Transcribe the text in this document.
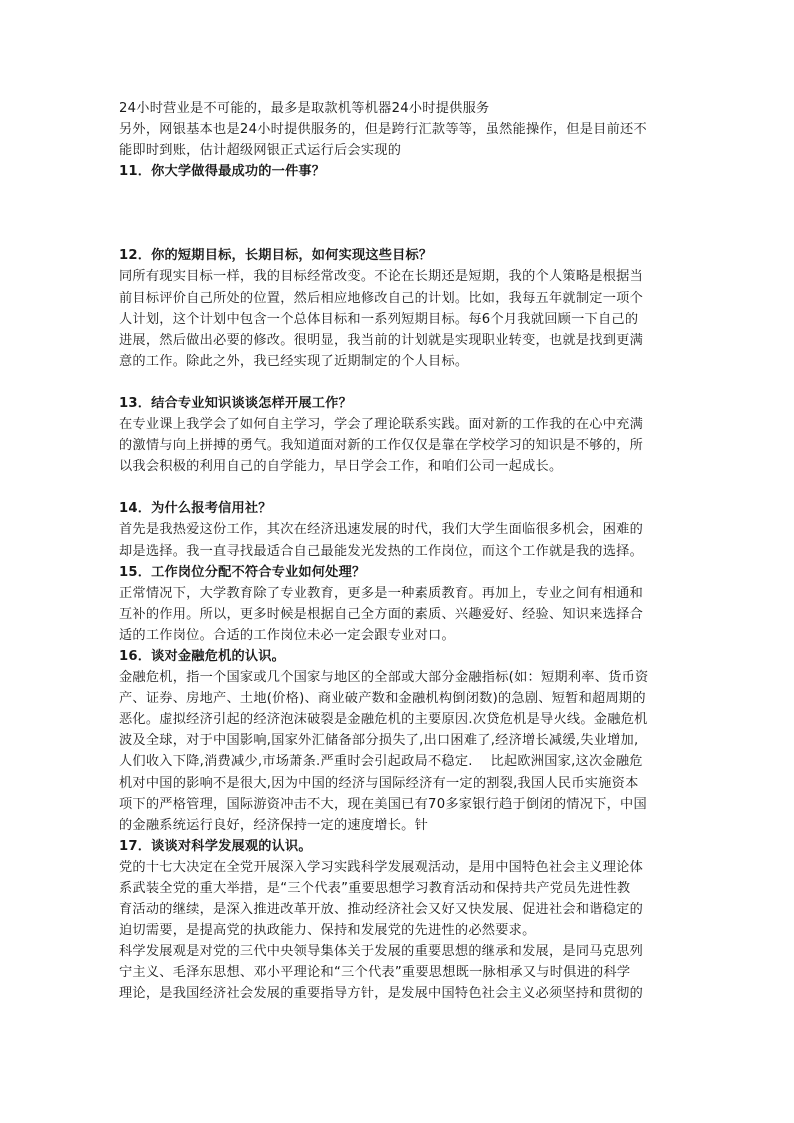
24小时营业是不可能的，最多是取款机等机器24小时提供服务
另外，网银基本也是24小时提供服务的，但是跨行汇款等等，虽然能操作，但是目前还不
能即时到账，估计超级网银正式运行后会实现的
11．你大学做得最成功的一件事？
12．你的短期目标，长期目标，如何实现这些目标？
同所有现实目标一样，我的目标经常改变。不论在长期还是短期，我的个人策略是根据当
前目标评价自己所处的位置，然后相应地修改自己的计划。比如，我每五年就制定一项个
人计划，这个计划中包含一个总体目标和一系列短期目标。每6个月我就回顾一下自己的
进展，然后做出必要的修改。很明显，我当前的计划就是实现职业转变，也就是找到更满
意的工作。除此之外，我已经实现了近期制定的个人目标。
13．结合专业知识谈谈怎样开展工作？
在专业课上我学会了如何自主学习，学会了理论联系实践。面对新的工作我的在心中充满
的激情与向上拼搏的勇气。我知道面对新的工作仅仅是靠在学校学习的知识是不够的，所
以我会积极的利用自己的自学能力，早日学会工作，和咱们公司一起成长。
14．为什么报考信用社？
首先是我热爱这份工作，其次在经济迅速发展的时代，我们大学生面临很多机会，困难的
却是选择。我一直寻找最适合自己最能发光发热的工作岗位，而这个工作就是我的选择。
15．工作岗位分配不符合专业如何处理？
正常情况下，大学教育除了专业教育，更多是一种素质教育。再加上，专业之间有相通和
互补的作用。所以，更多时候是根据自己全方面的素质、兴趣爱好、经验、知识来选择合
适的工作岗位。合适的工作岗位未必一定会跟专业对口。
16．谈对金融危机的认识。
金融危机，指一个国家或几个国家与地区的全部或大部分金融指标(如：短期利率、货币资
产、证券、房地产、土地(价格)、商业破产数和金融机构倒闭数)的急剧、短暂和超周期的
恶化。虚拟经济引起的经济泡沫破裂是金融危机的主要原因.次贷危机是导火线。金融危机
波及全球，对于中国影响,国家外汇储备部分损失了,出口困难了,经济增长减缓,失业增加,
人们收入下降,消费减少,市场萧条.严重时会引起政局不稳定.    比起欧洲国家,这次金融危
机对中国的影响不是很大,因为中国的经济与国际经济有一定的割裂,我国人民币实施资本
项下的严格管理，国际游资冲击不大，现在美国已有70多家银行趋于倒闭的情况下，中国
的金融系统运行良好，经济保持一定的速度增长。针
17．谈谈对科学发展观的认识。
党的十七大决定在全党开展深入学习实践科学发展观活动，是用中国特色社会主义理论体
系武装全党的重大举措，是“三个代表”重要思想学习教育活动和保持共产党员先进性教
育活动的继续，是深入推进改革开放、推动经济社会又好又快发展、促进社会和谐稳定的
迫切需要，是提高党的执政能力、保持和发展党的先进性的必然要求。
科学发展观是对党的三代中央领导集体关于发展的重要思想的继承和发展，是同马克思列
宁主义、毛泽东思想、邓小平理论和“三个代表”重要思想既一脉相承又与时俱进的科学
理论，是我国经济社会发展的重要指导方针，是发展中国特色社会主义必须坚持和贯彻的
